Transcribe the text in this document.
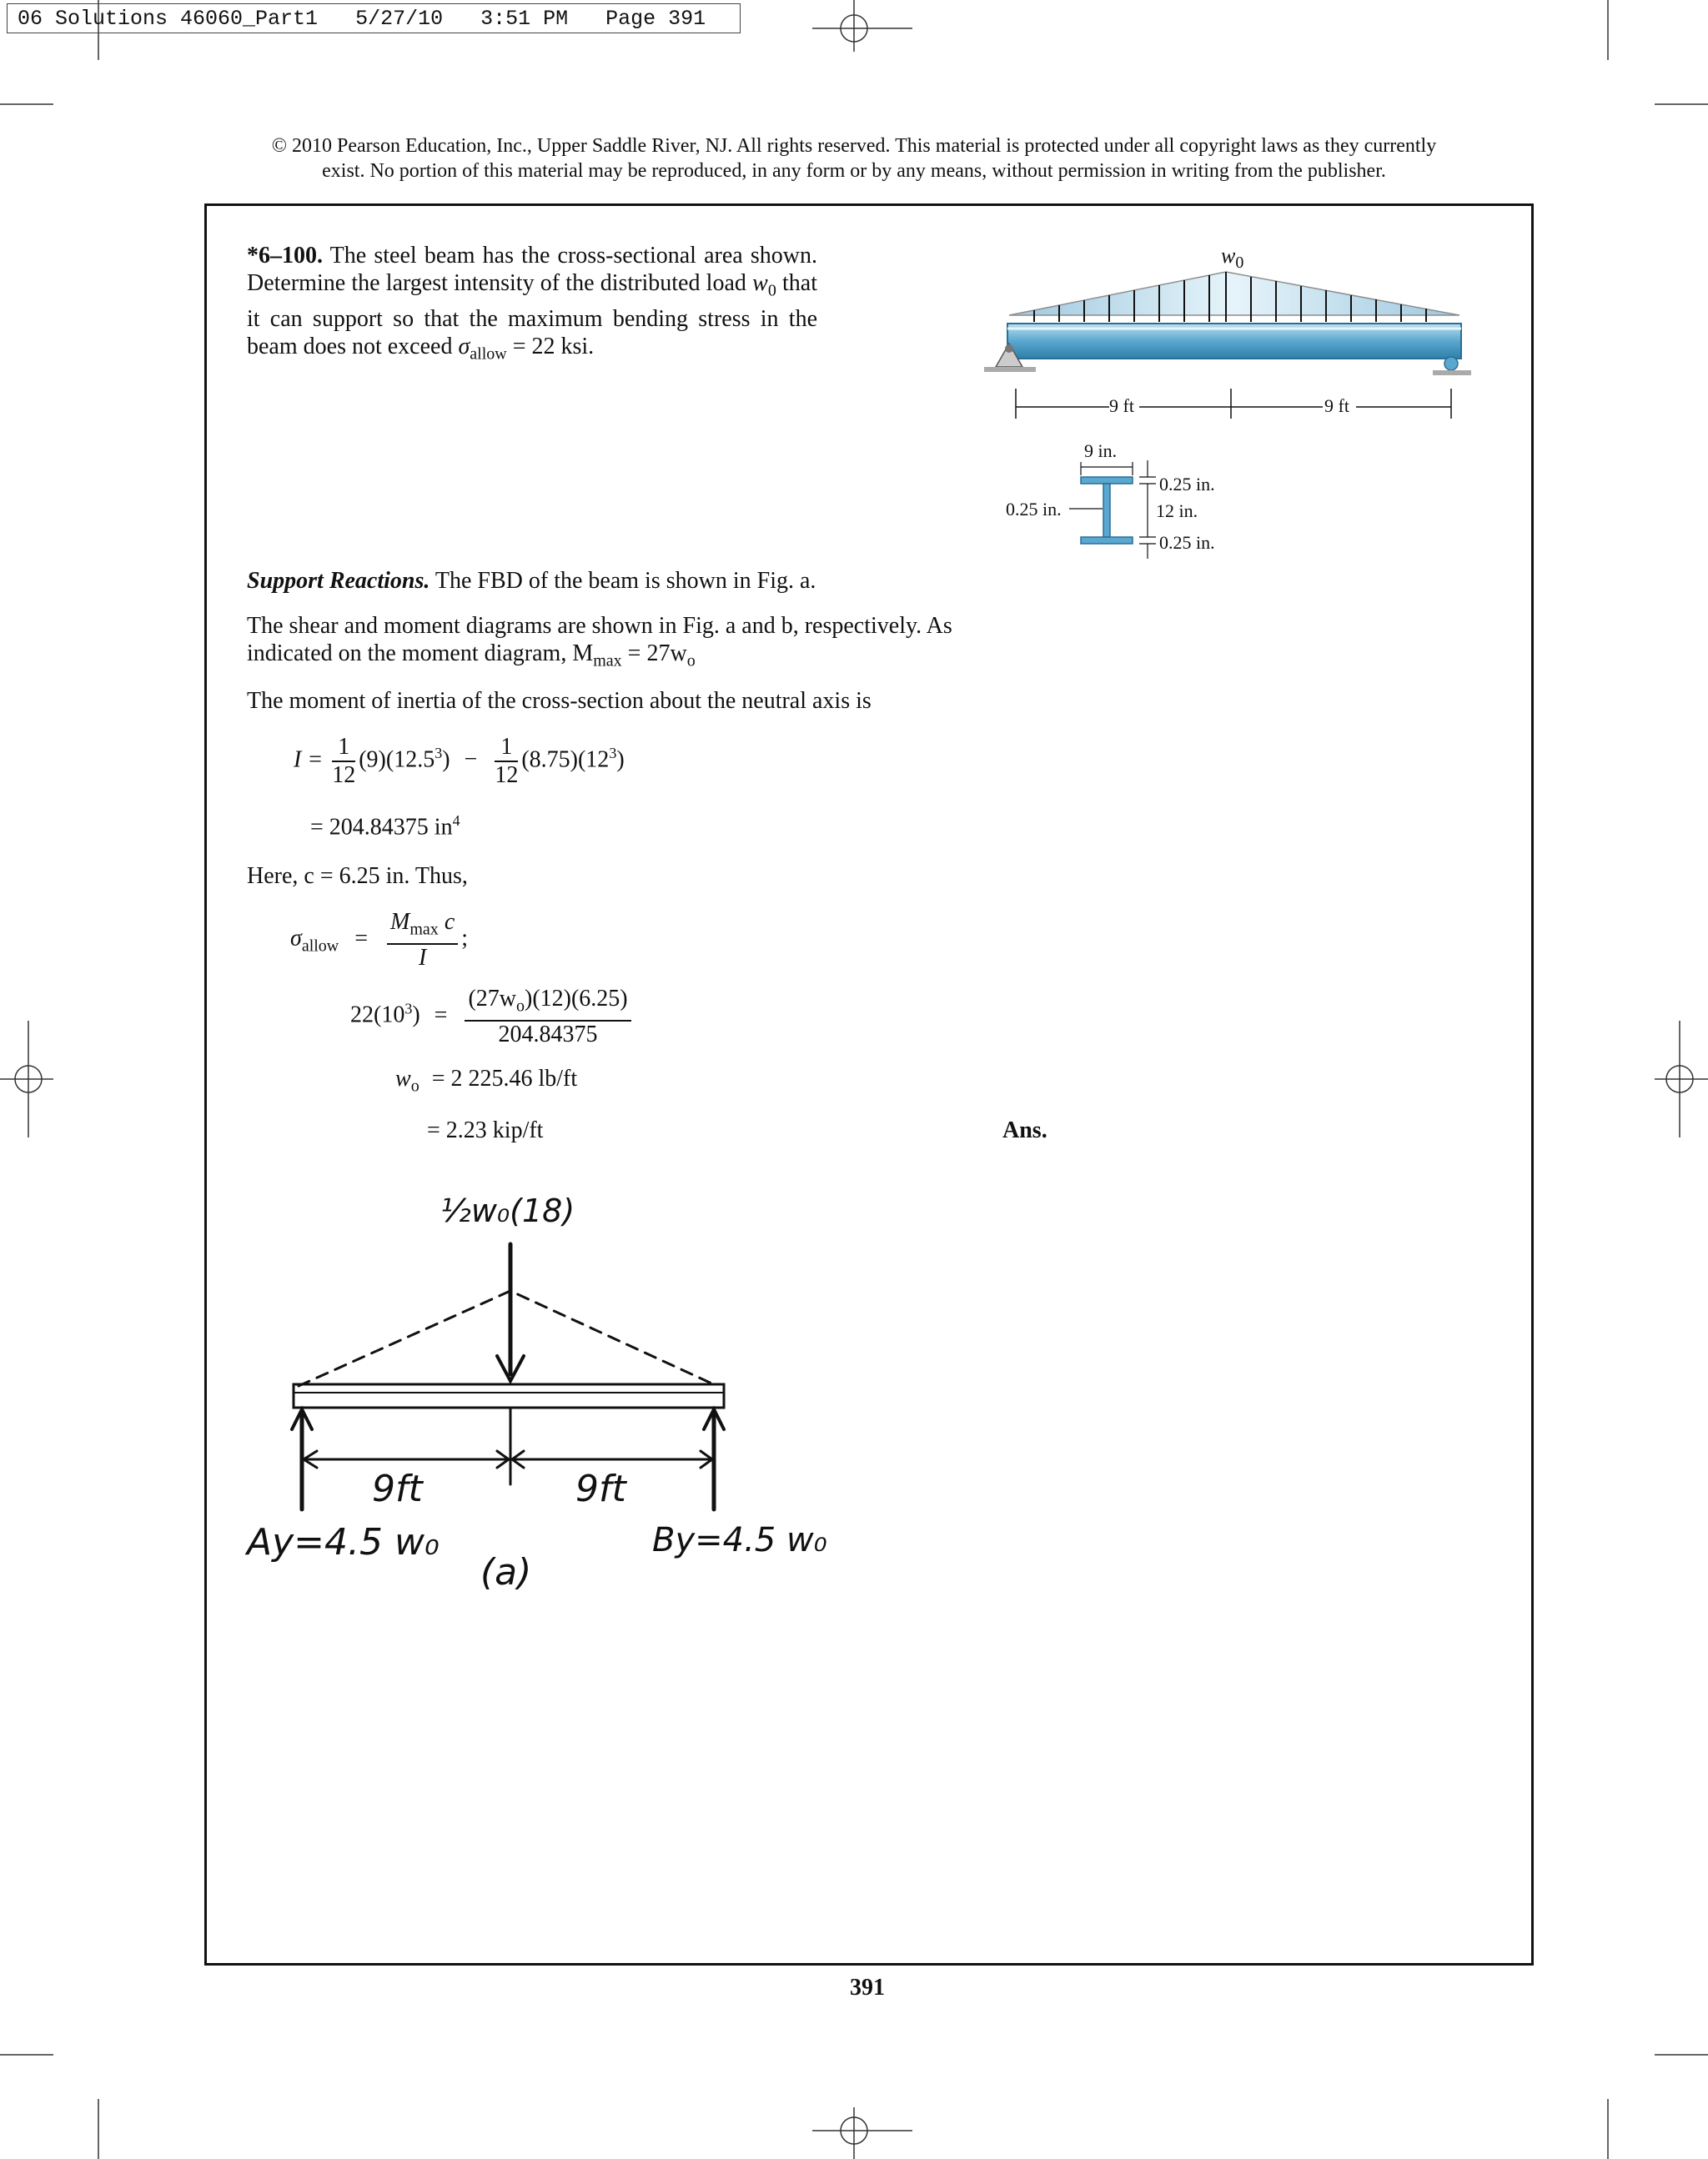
06 Solutions 46060_Part1   5/27/10   3:51 PM   Page 391
© 2010 Pearson Education, Inc., Upper Saddle River, NJ. All rights reserved. This material is protected under all copyright laws as they currently
exist. No portion of this material may be reproduced, in any form or by any means, without permission in writing from the publisher.
*6–100. The steel beam has the cross-sectional area shown. Determine the largest intensity of the distributed load $w_0$ that it can support so that the maximum bending stress in the beam does not exceed $\sigma_{allow} = 22$ ksi.
$w_0$
9 ft	9 ft
9 in.
0.25 in.
12 in.
0.25 in.
0.25 in.
Support Reactions. The FBD of the beam is shown in Fig. a.
The shear and moment diagrams are shown in Fig. a and b, respectively. As indicated on the moment diagram, $M_{max} = 27w_o$
The moment of inertia of the cross-section about the neutral axis is
$I = \frac{1}{12} (9)(12.5^3) - \frac{1}{12} (8.75)(12^3)$
= 204.84375 $in^4$
Here, c = 6.25 in. Thus,
$\sigma_{allow} = \frac{M_{max} c}{I}$ ;
$22(10^3) = \frac{(27w_o)(12)(6.25)}{204.84375}$
$w_o = 2$ 225.46 lb/ft
= 2.23 kip/ft	Ans.
½w₀(18)
9ft	9ft
Ay=4.5 w₀	By=4.5 w₀
(a)
391
